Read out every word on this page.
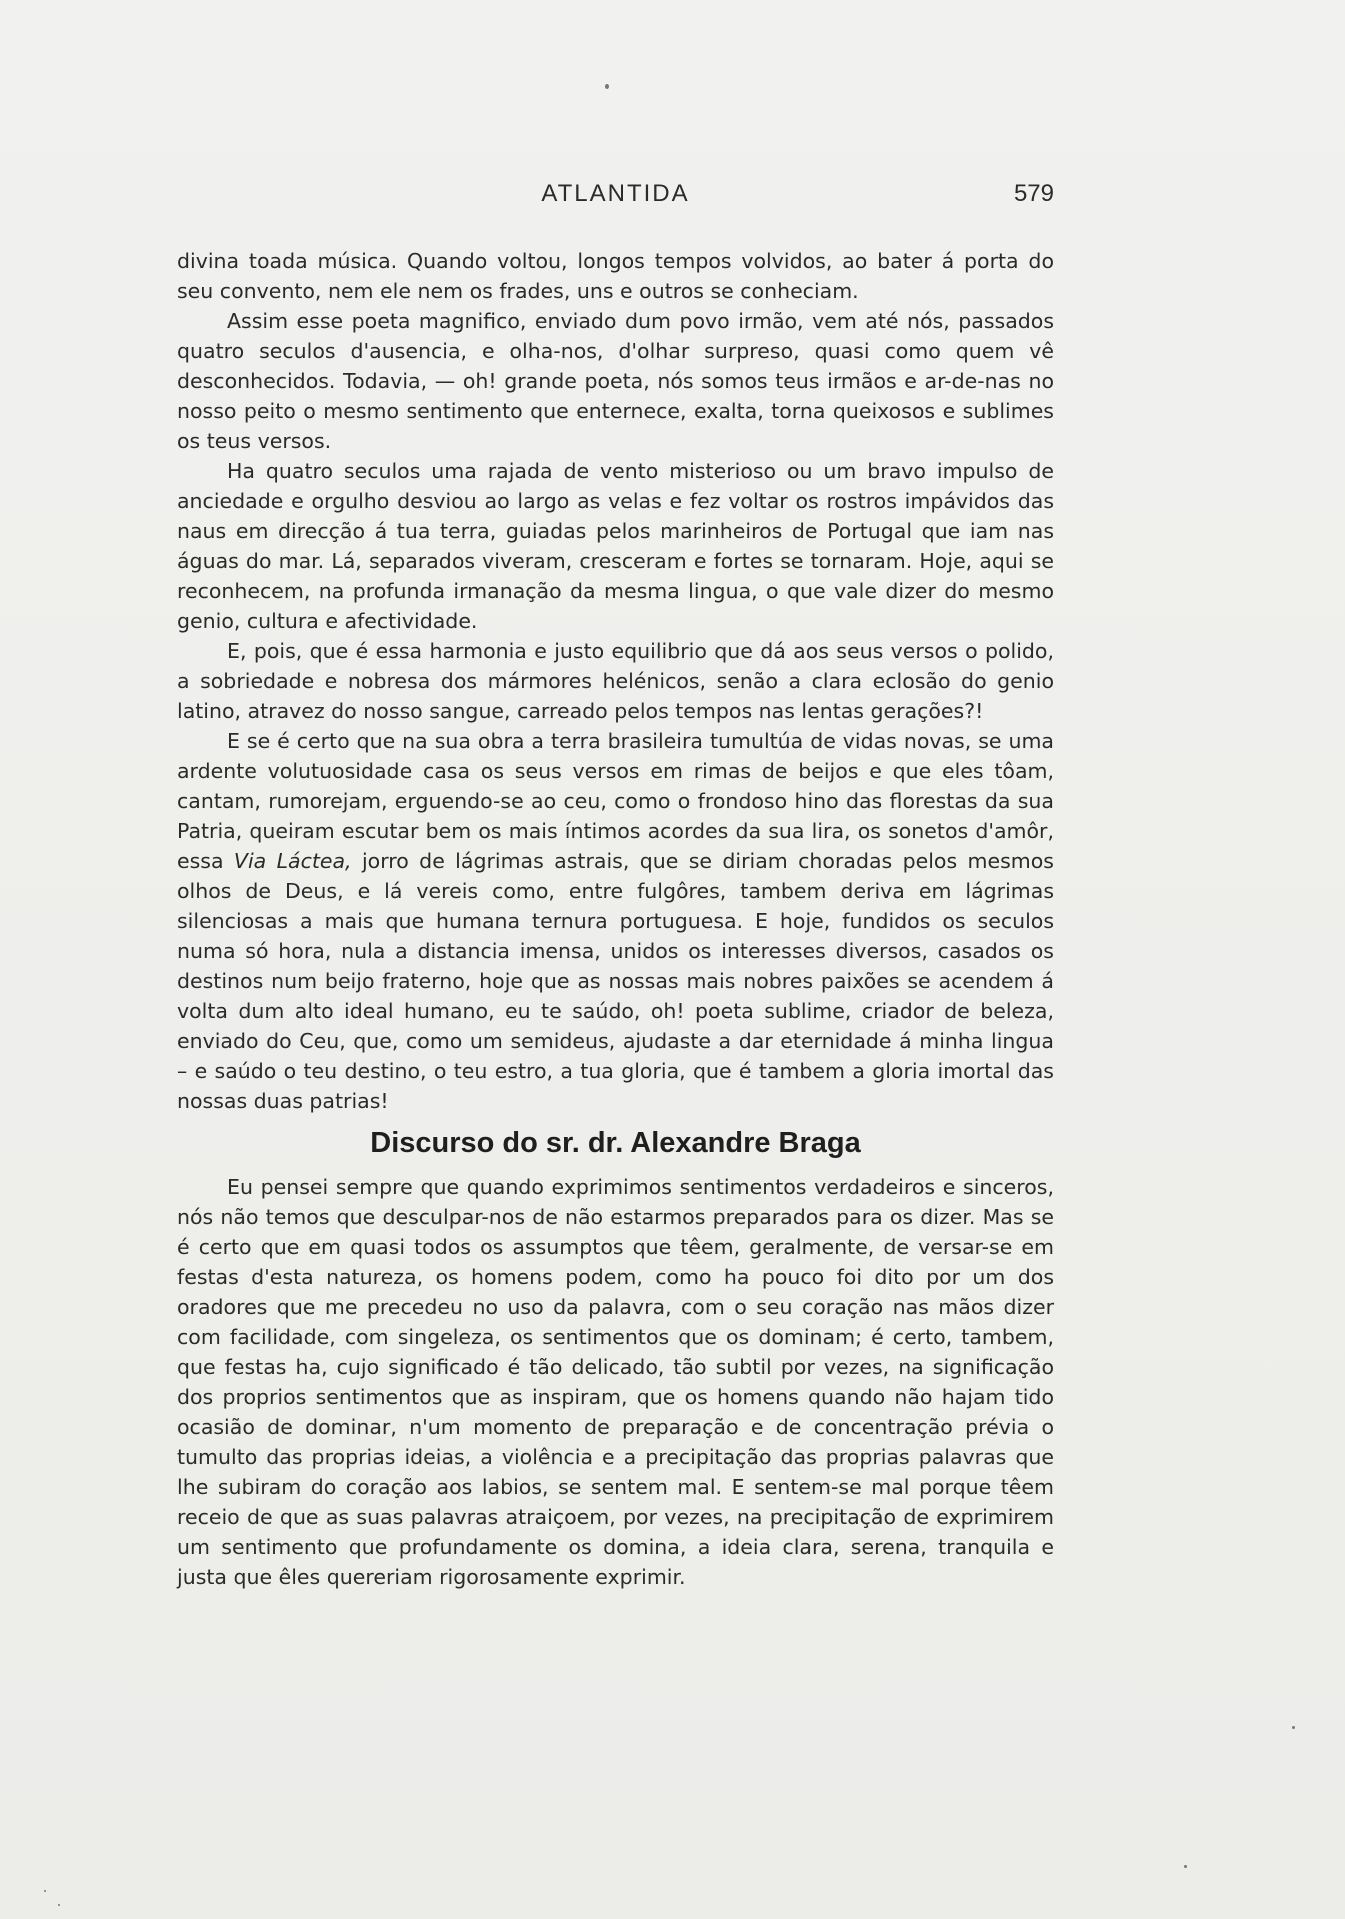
ATLANTIDA	579

divina toada música. Quando voltou, longos tempos volvidos, ao bater á porta do seu convento, nem ele nem os frades, uns e outros se conheciam.

Assim esse poeta magnifico, enviado dum povo irmão, vem até nós, passados quatro seculos d'ausencia, e olha-nos, d'olhar surpreso, quasi como quem vê desconhecidos. Todavia, — oh! grande poeta, nós somos teus irmãos e ar-de-nas no nosso peito o mesmo sentimento que enternece, exalta, torna queixosos e sublimes os teus versos.

Ha quatro seculos uma rajada de vento misterioso ou um bravo impulso de anciedade e orgulho desviou ao largo as velas e fez voltar os rostros impávidos das naus em direcção á tua terra, guiadas pelos marinheiros de Portugal que iam nas águas do mar. Lá, separados viveram, cresceram e fortes se tornaram. Hoje, aqui se reconhecem, na profunda irmanação da mesma lingua, o que vale dizer do mesmo genio, cultura e afectividade.

E, pois, que é essa harmonia e justo equilibrio que dá aos seus versos o polido, a sobriedade e nobresa dos mármores helénicos, senão a clara eclosão do genio latino, atravez do nosso sangue, carreado pelos tempos nas lentas gerações?!

E se é certo que na sua obra a terra brasileira tumultúa de vidas novas, se uma ardente volutuosidade casa os seus versos em rimas de beijos e que eles tôam, cantam, rumorejam, erguendo-se ao ceu, como o frondoso hino das florestas da sua Patria, queiram escutar bem os mais íntimos acordes da sua lira, os sonetos d'amôr, essa Via Láctea, jorro de lágrimas astrais, que se diriam choradas pelos mesmos olhos de Deus, e lá vereis como, entre fulgôres, tambem deriva em lágrimas silenciosas a mais que humana ternura portuguesa. E hoje, fundidos os seculos numa só hora, nula a distancia imensa, unidos os interesses diversos, casados os destinos num beijo fraterno, hoje que as nossas mais nobres paixões se acendem á volta dum alto ideal humano, eu te saúdo, oh! poeta sublime, criador de beleza, enviado do Ceu, que, como um semideus, ajudaste a dar eternidade á minha lingua – e saúdo o teu destino, o teu estro, a tua gloria, que é tambem a gloria imortal das nossas duas patrias!

Discurso do sr. dr. Alexandre Braga

Eu pensei sempre que quando exprimimos sentimentos verdadeiros e sinceros, nós não temos que desculpar-nos de não estarmos preparados para os dizer. Mas se é certo que em quasi todos os assumptos que têem, geralmente, de versar-se em festas d'esta natureza, os homens podem, como ha pouco foi dito por um dos oradores que me precedeu no uso da palavra, com o seu coração nas mãos dizer com facilidade, com singeleza, os sentimentos que os dominam; é certo, tambem, que festas ha, cujo significado é tão delicado, tão subtil por vezes, na significação dos proprios sentimentos que as inspiram, que os homens quando não hajam tido ocasião de dominar, n'um momento de preparação e de concentração prévia o tumulto das proprias ideias, a violência e a precipitação das proprias palavras que lhe subiram do coração aos labios, se sentem mal. E sentem-se mal porque têem receio de que as suas palavras atraiçoem, por vezes, na precipitação de exprimirem um sentimento que profundamente os domina, a ideia clara, serena, tranquila e justa que êles quereriam rigorosamente exprimir.
